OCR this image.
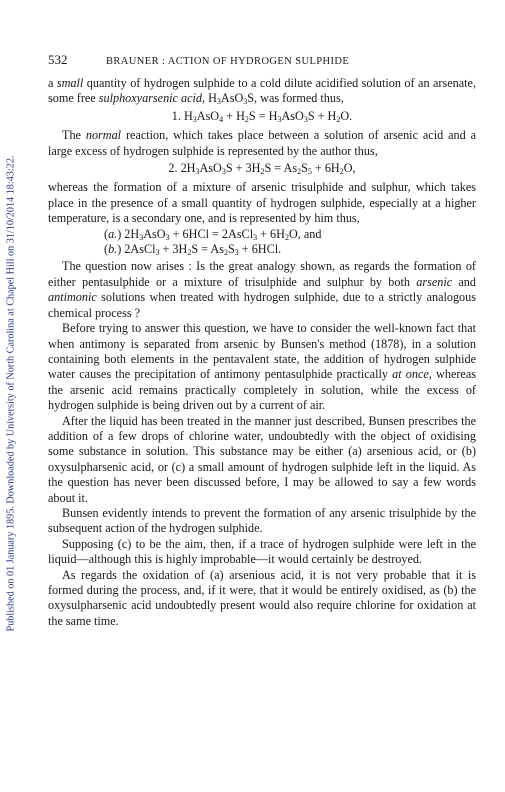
Published on 01 January 1895. Downloaded by University of North Carolina at Chapel Hill on 31/10/2014 18:43:22.
532	BRAUNER : ACTION OF HYDROGEN SULPHIDE

a small quantity of hydrogen sulphide to a cold dilute acidified solution of an arsenate, some free sulphoxyarsenic acid, $H_3AsO_3S$, was formed thus,

1. $H_3AsO_4 + H_2S = H_3AsO_3S + H_2O$.

The normal reaction, which takes place between a solution of arsenic acid and a large excess of hydrogen sulphide is represented by the author thus,

2. $2H_3AsO_3S + 3H_2S = As_2S_5 + 6H_2O$,

whereas the formation of a mixture of arsenic trisulphide and sulphur, which takes place in the presence of a small quantity of hydrogen sulphide, especially at a higher temperature, is a secondary one, and is represented by him thus,

(a.) $2H_3AsO_3 + 6HCl$ = 2AsCl$_3$ + $6H_2O$, and
(b.) 2AsCl$_3$ + $3H_2S = As_2S_3 + 6HCl$.

The question now arises : Is the great analogy shown, as regards the formation of either pentasulphide or a mixture of trisulphide and sulphur by both arsenic and antimonic solutions when treated with hydrogen sulphide, due to a strictly analogous chemical process ?

Before trying to answer this question, we have to consider the well-known fact that when antimony is separated from arsenic by Bunsen's method (1878), in a solution containing both elements in the pentavalent state, the addition of hydrogen sulphide water causes the precipitation of antimony pentasulphide practically at once, whereas the arsenic acid remains practically completely in solution, while the excess of hydrogen sulphide is being driven out by a current of air.

After the liquid has been treated in the manner just described, Bunsen prescribes the addition of a few drops of chlorine water, undoubtedly with the object of oxidising some substance in solution. This substance may be either (a) arsenious acid, or (b) oxysulpharsenic acid, or (c) a small amount of hydrogen sulphide left in the liquid. As the question has never been discussed before, I may be allowed to say a few words about it.

Bunsen evidently intends to prevent the formation of any arsenic trisulphide by the subsequent action of the hydrogen sulphide.

Supposing (c) to be the aim, then, if a trace of hydrogen sulphide were left in the liquid—although this is highly improbable—it would certainly be destroyed.

As regards the oxidation of (a) arsenious acid, it is not very probable that it is formed during the process, and, if it were, that it would be entirely oxidised, as (b) the oxysulpharsenic acid undoubtedly present would also require chlorine for oxidation at the same time.
